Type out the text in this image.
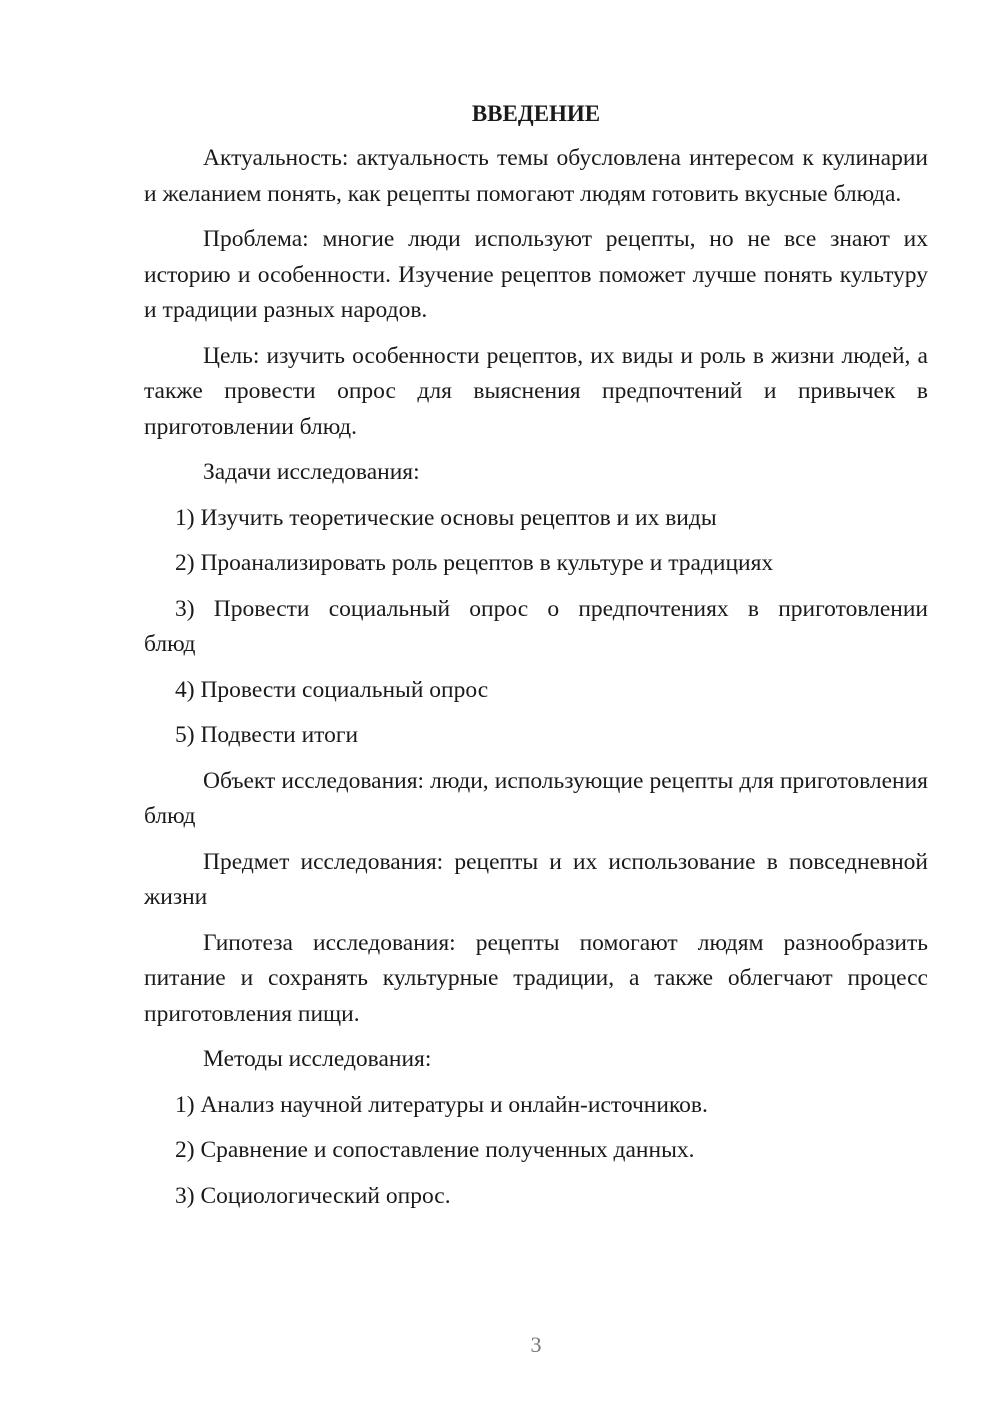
ВВЕДЕНИЕ

Актуальность: актуальность темы обусловлена интересом к кулинарии и желанием понять, как рецепты помогают людям готовить вкусные блюда.

Проблема: многие люди используют рецепты, но не все знают их историю и особенности. Изучение рецептов поможет лучше понять культуру и традиции разных народов.

Цель: изучить особенности рецептов, их виды и роль в жизни людей, а также провести опрос для выяснения предпочтений и привычек в приготовлении блюд.

Задачи исследования:

1) Изучить теоретические основы рецептов и их виды

2) Проанализировать роль рецептов в культуре и традициях

3) Провести социальный опрос о предпочтениях в приготовлении блюд

4) Провести социальный опрос

5) Подвести итоги

Объект исследования: люди, использующие рецепты для приготовления блюд

Предмет исследования: рецепты и их использование в повседневной жизни

Гипотеза исследования: рецепты помогают людям разнообразить питание и сохранять культурные традиции, а также облегчают процесс приготовления пищи.

Методы исследования:

1) Анализ научной литературы и онлайн-источников.

2) Сравнение и сопоставление полученных данных.

3) Социологический опрос.

3
